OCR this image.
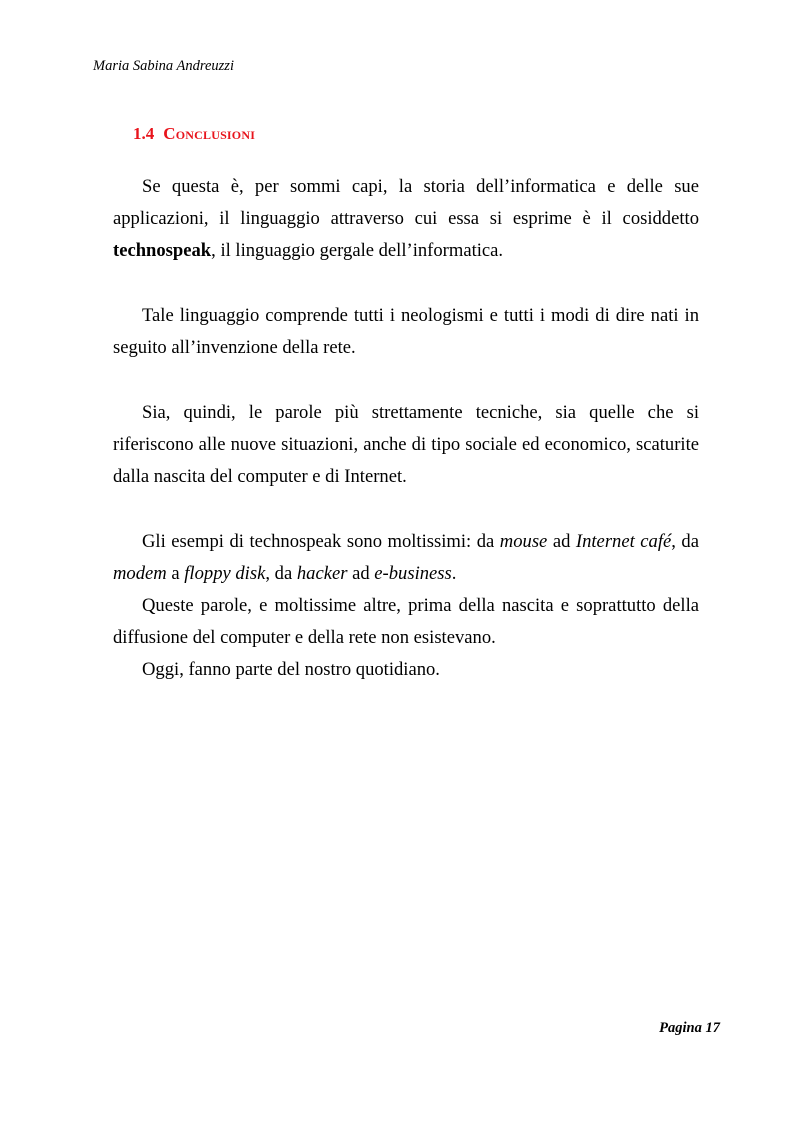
Maria Sabina Andreuzzi
1.4 Conclusioni

Se questa è, per sommi capi, la storia dell’informatica e delle sue applicazioni, il linguaggio attraverso cui essa si esprime è il cosiddetto technospeak, il linguaggio gergale dell’informatica.

Tale linguaggio comprende tutti i neologismi e tutti i modi di dire nati in seguito all’invenzione della rete.

Sia, quindi, le parole più strettamente tecniche, sia quelle che si riferiscono alle nuove situazioni, anche di tipo sociale ed economico, scaturite dalla nascita del computer e di Internet.

Gli esempi di technospeak sono moltissimi: da mouse ad Internet café, da modem a floppy disk, da hacker ad e-business.

Queste parole, e moltissime altre, prima della nascita e soprattutto della diffusione del computer e della rete non esistevano.

Oggi, fanno parte del nostro quotidiano.

Pagina 17
